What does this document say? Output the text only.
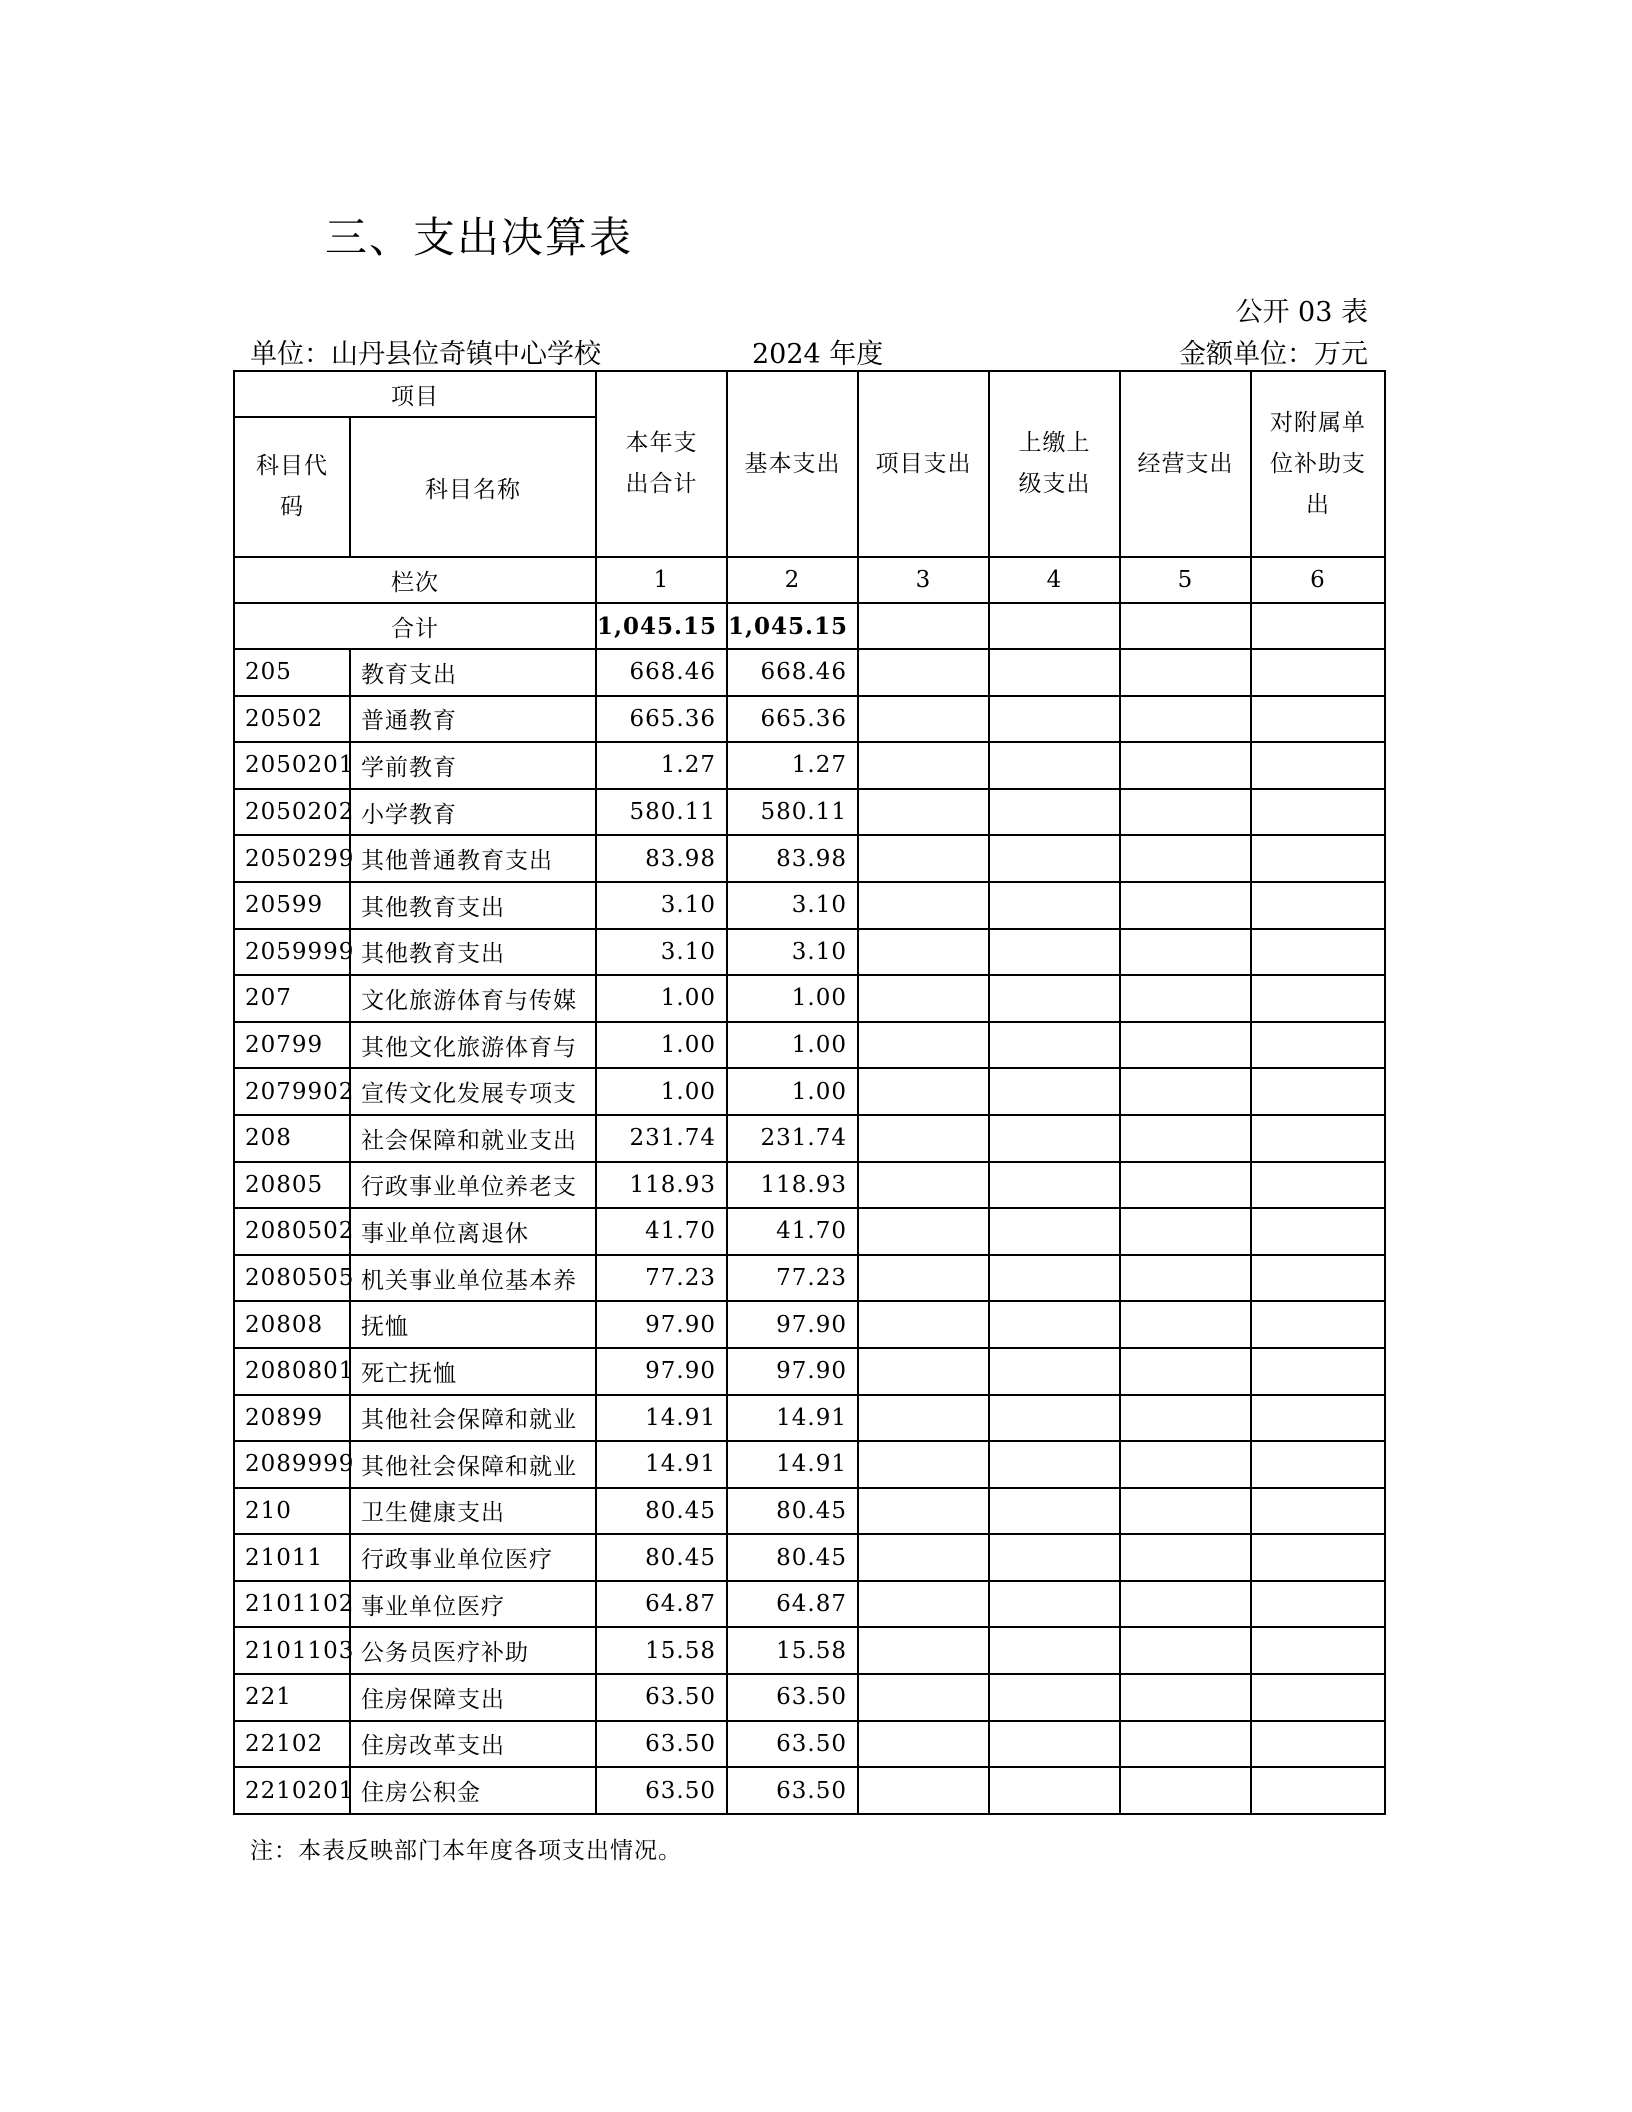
三、支出决算表
公开 03 表
单位：山丹县位奇镇中心学校	2024 年度	金额单位：万元
项目		本年支出合计	基本支出	项目支出	上缴上级支出	经营支出	对附属单位补助支出
科目代码	科目名称						
栏次		1	2	3	4	5	6
合计		1,045.15	1,045.15				
205	教育支出	668.46	668.46				
20502	普通教育	665.36	665.36				
2050201	学前教育	1.27	1.27				
2050202	小学教育	580.11	580.11				
2050299	其他普通教育支出	83.98	83.98				
20599	其他教育支出	3.10	3.10				
2059999	其他教育支出	3.10	3.10				
207	文化旅游体育与传媒	1.00	1.00				
20799	其他文化旅游体育与	1.00	1.00				
2079902	宣传文化发展专项支	1.00	1.00				
208	社会保障和就业支出	231.74	231.74				
20805	行政事业单位养老支	118.93	118.93				
2080502	事业单位离退休	41.70	41.70				
2080505	机关事业单位基本养	77.23	77.23				
20808	抚恤	97.90	97.90				
2080801	死亡抚恤	97.90	97.90				
20899	其他社会保障和就业	14.91	14.91				
2089999	其他社会保障和就业	14.91	14.91				
210	卫生健康支出	80.45	80.45				
21011	行政事业单位医疗	80.45	80.45				
2101102	事业单位医疗	64.87	64.87				
2101103	公务员医疗补助	15.58	15.58				
221	住房保障支出	63.50	63.50				
22102	住房改革支出	63.50	63.50				
2210201	住房公积金	63.50	63.50				
注：本表反映部门本年度各项支出情况。
